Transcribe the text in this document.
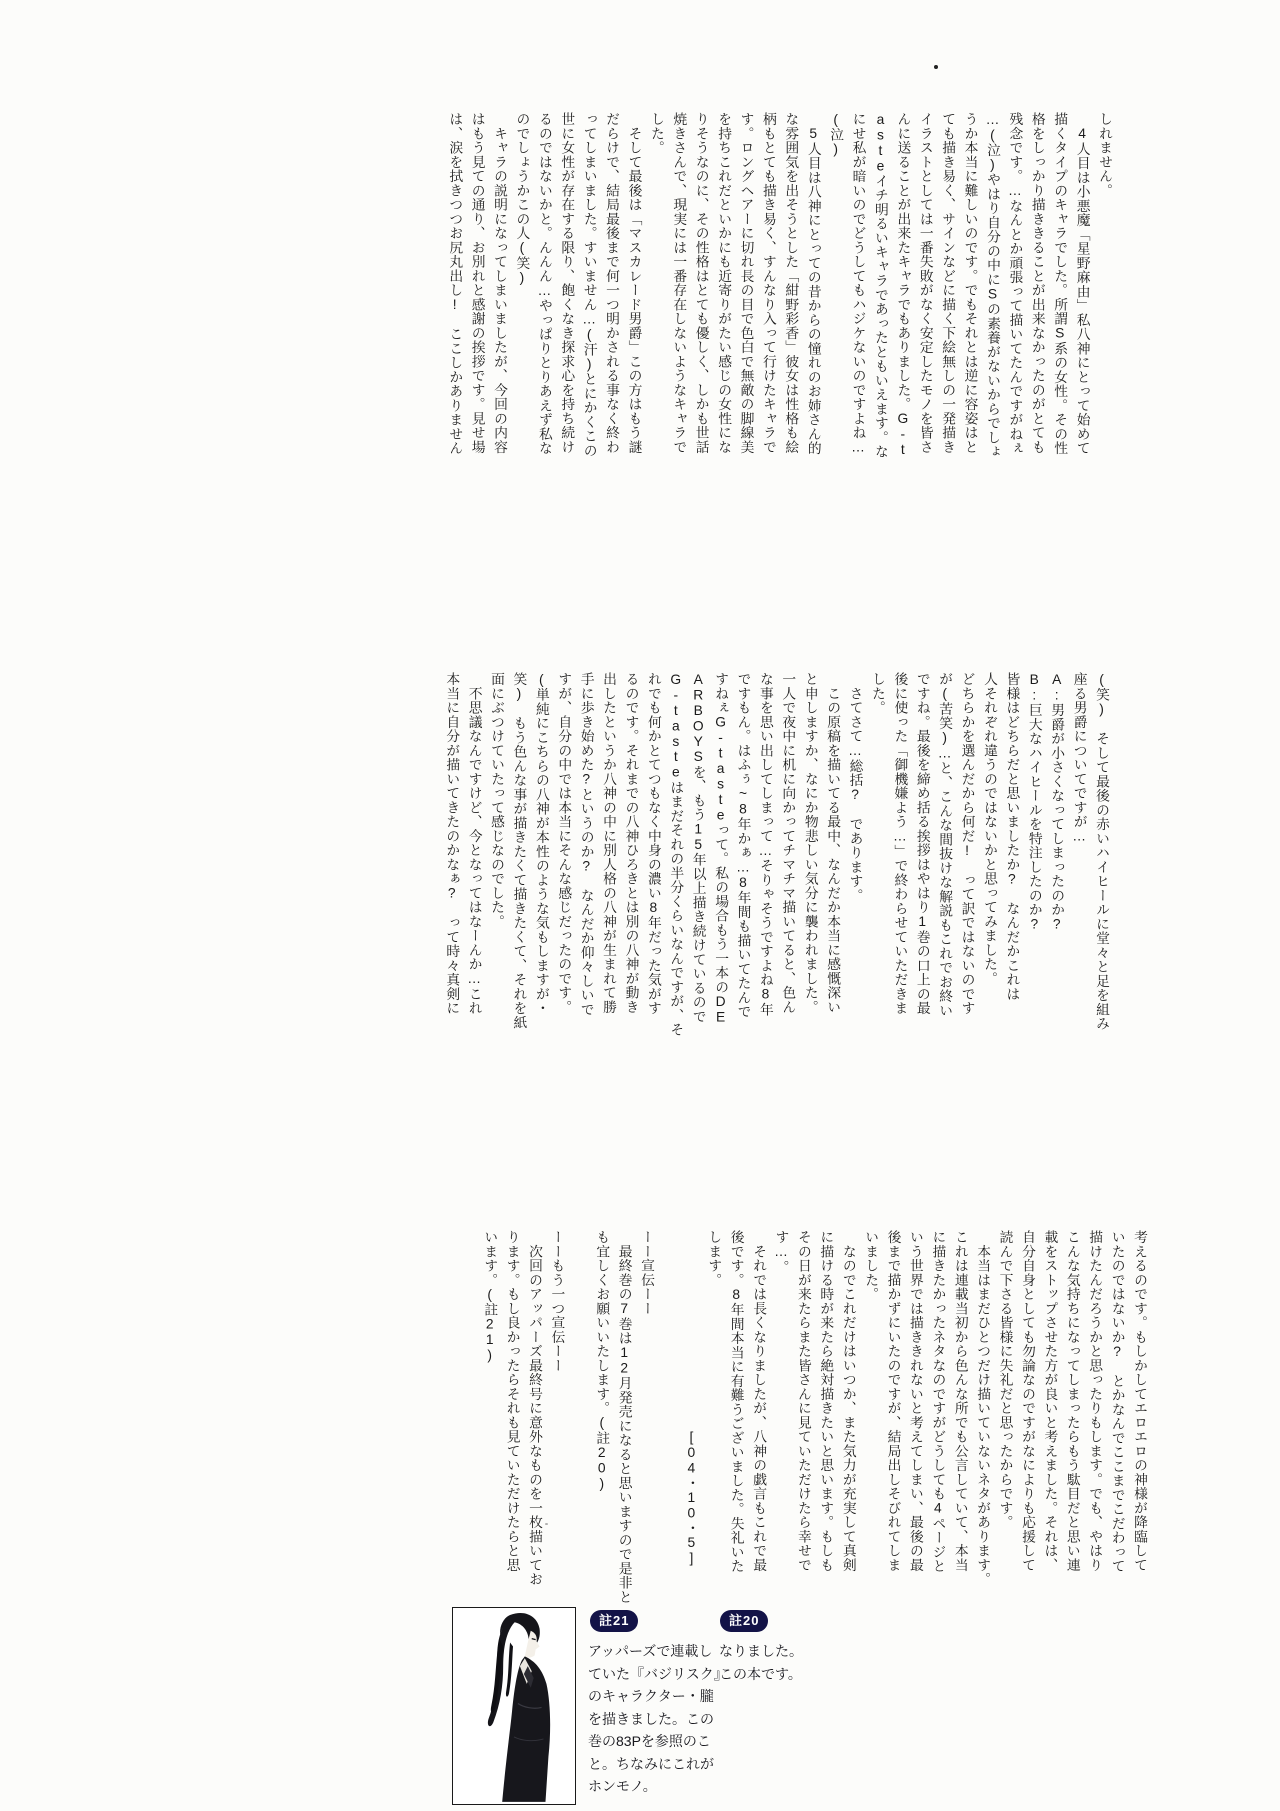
しれません。
　4人目は小悪魔「星野麻由」私八神にとって始めて
描くタイプのキャラでした。所謂S系の女性。その性
格をしっかり描ききることが出来なかったのがとても
残念です。…なんとか頑張って描いてたんですがねぇ
…(泣)やはり自分の中にSの素養がないからでしょ
うか本当に難しいのです。でもそれとは逆に容姿はと
ても描き易く、サインなどに描く下絵無しの一発描き
イラストとしては一番失敗がなく安定したモノを皆さ
んに送ることが出来たキャラでもありました。G-t
asteイチ明るいキャラであったともいえます。な
にせ私が暗いのでどうしてもハジケないのですよね…
(泣)
　5人目は八神にとっての昔からの憧れのお姉さん的
な雰囲気を出そうとした「紺野彩香」彼女は性格も絵
柄もとても描き易く、すんなり入って行けたキャラで
す。ロングヘアーに切れ長の目で色白で無敵の脚線美
を持ちこれだといかにも近寄りがたい感じの女性にな
りそうなのに、その性格はとても優しく、しかも世話
焼きさんで、現実には一番存在しないようなキャラで
した。
　そして最後は「マスカレード男爵」この方はもう謎
だらけで、結局最後まで何一つ明かされる事なく終わ
ってしまいました。すいません…(汗)とにかくこの
世に女性が存在する限り、飽くなき探求心を持ち続け
るのではないかと。んんん…やっぱりとりあえず私な
のでしょうかこの人(笑)
　キャラの説明になってしまいましたが、今回の内容
はもう見ての通り、お別れと感謝の挨拶です。見せ場
は、涙を拭きつつお尻丸出し!　ここしかありません
(笑)　そして最後の赤いハイヒールに堂々と足を組み
座る男爵についてですが…
A:男爵が小さくなってしまったのか?
B:巨大なハイヒールを特注したのか?
皆様はどちらだと思いましたか?　なんだかこれは
人それぞれ違うのではないかと思ってみました。
どちらかを選んだから何だ!　って訳ではないのです
が(苦笑)…と、こんな間抜けな解説もこれでお終い
ですね。最後を締め括る挨拶はやはり1巻の口上の最
後に使った「御機嫌よう…」で終わらせていただきま
した。
　さてさて…総括?　であります。
　この原稿を描いてる最中、なんだか本当に感慨深い
と申しますか、なにか物悲しい気分に襲われました。
一人で夜中に机に向かってチマチマ描いてると、色ん
な事を思い出してしまって…そりゃそうですよね8年
ですもん。はふぅ~8年かぁ…8年間も描いてたんで
すねぇG-tasteって。私の場合もう一本のDE
ARBOYSを、もう15年以上描き続けているので
G-tasteはまだそれの半分くらいなんですが、そ
れでも何かとてつもなく中身の濃い8年だった気がす
るのです。それまでの八神ひろきとは別の八神が動き
出したというか八神の中に別人格の八神が生まれて勝
手に歩き始めた?というのか?　なんだか仰々しいで
すが、自分の中では本当にそんな感じだったのです。
(単純にこちらの八神が本性のような気もしますが・
笑)　もう色んな事が描きたくて描きたくて、それを紙
面にぶつけていたって感じなのでした。
　不思議なんですけど、今となってはなーんか…これ
本当に自分が描いてきたのかなぁ?　って時々真剣に
考えるのです。もしかしてエロエロの神様が降臨して
いたのではないか?　とかなんでここまでこだわって
描けたんだろうかと思ったりもします。でも、やはり
こんな気持ちになってしまったらもう駄目だと思い連
載をストップさせた方が良いと考えました。それは、
自分自身としても勿論なのですがなによりも応援して
読んで下さる皆様に失礼だと思ったからです。
　本当はまだひとつだけ描いていないネタがあります。
これは連載当初から色んな所でも公言していて、本当
に描きたかったネタなのですがどうしても4ページと
いう世界では描ききれないと考えてしまい、最後の最
後まで描かずにいたのですが、結局出しそびれてしま
いました。
　なのでこれだけはいつか、また気力が充実して真剣
に描ける時が来たら絶対描きたいと思います。もしも
その日が来たらまた皆さんに見ていただけたら幸せで
す…。
　それでは長くなりましたが、八神の戯言もこれで最
後です。8年間本当に有難うございました。失礼いた
します。
　　　　　　　　　　　　　　[04・10・5]

ーー宣伝ーー
　最終巻の7巻は12月発売になると思いますので是非と
も宜しくお願いいたします。(註20)

ーーもう一つ宣伝ーー
　次回のアッパーズ最終号に意外なものを一枚描いてお
ります。もし良かったらそれも見ていただけたらと思
います。(註21)
註20
なりました。
この本です。
註21
アッパーズで連載し
ていた『バジリスク』
のキャラクター・朧
を描きました。この
巻の83Pを参照のこ
と。ちなみにこれが
ホンモノ。
